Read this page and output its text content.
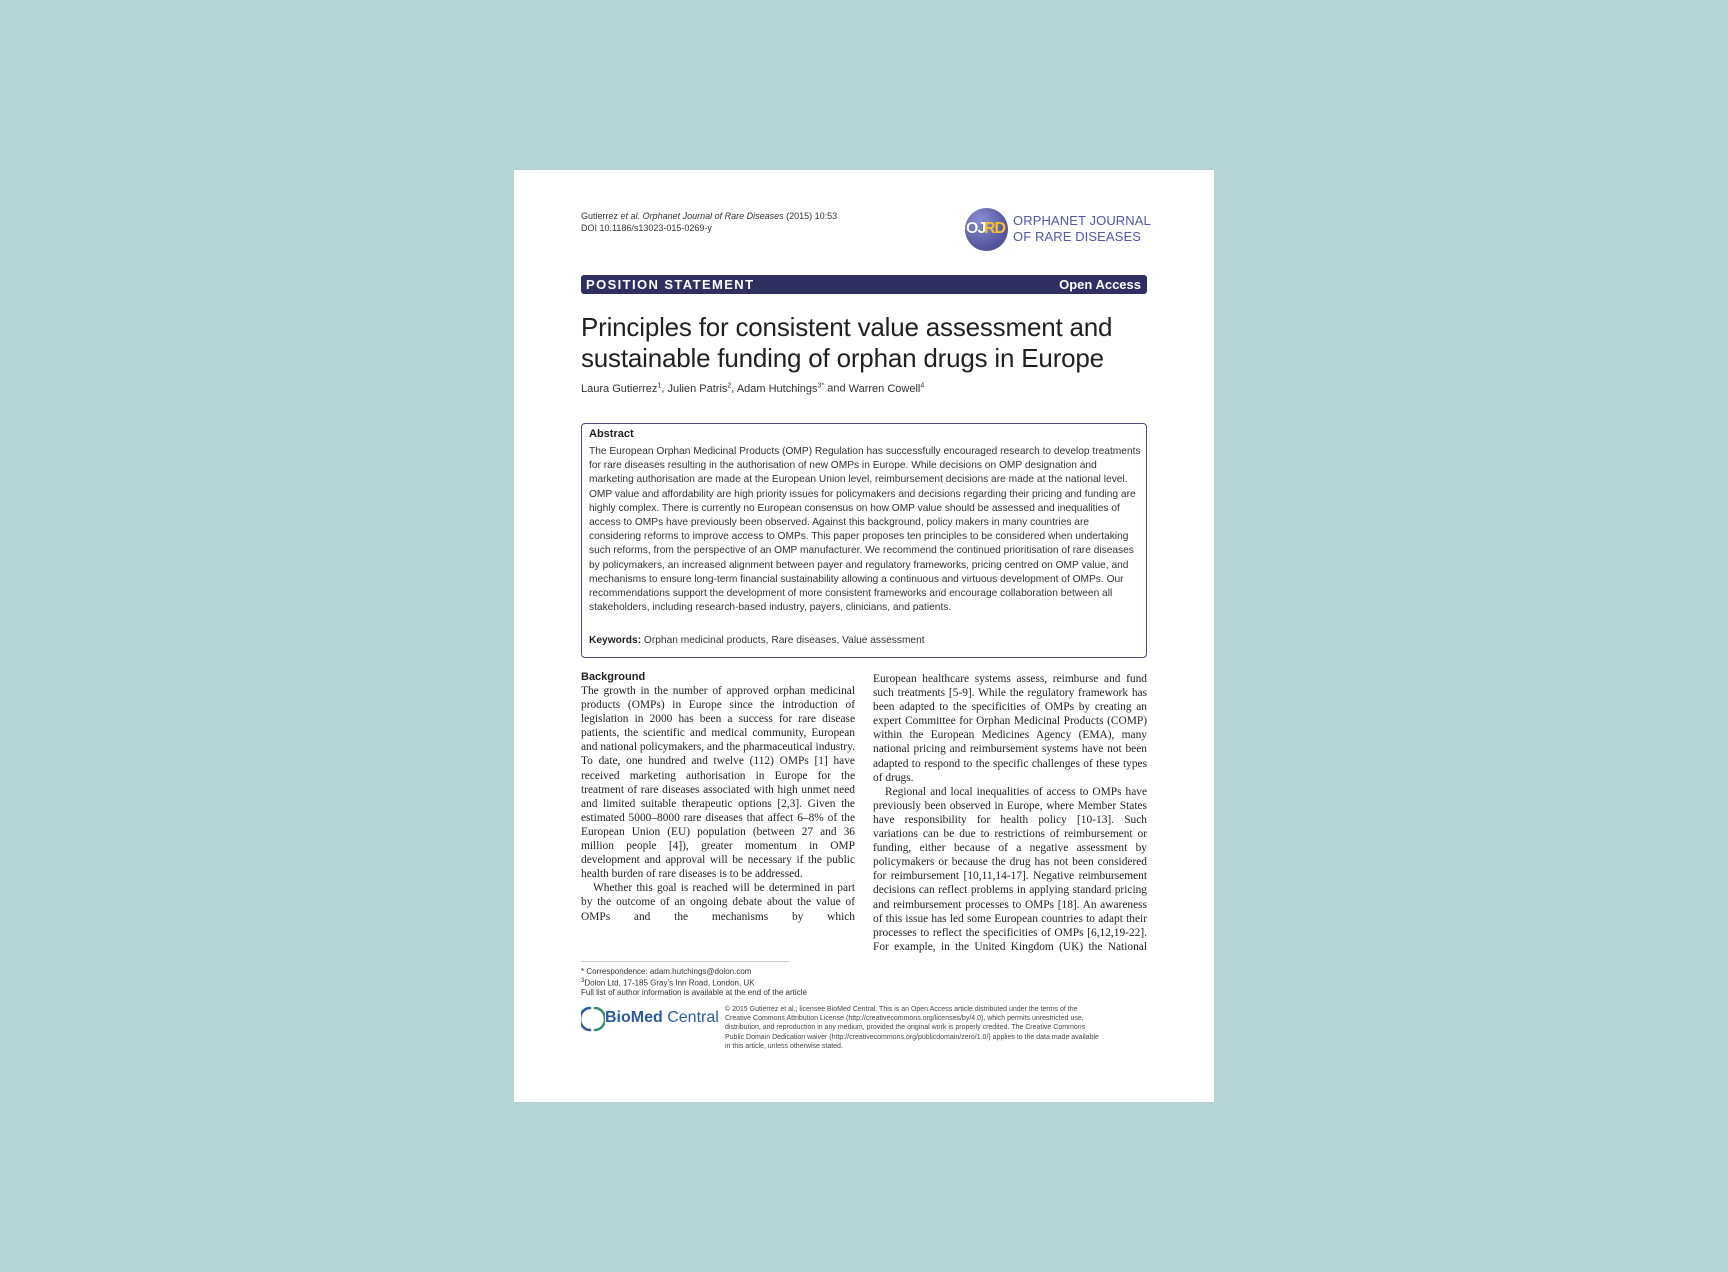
Gutierrez et al. Orphanet Journal of Rare Diseases (2015) 10:53
DOI 10.1186/s13023-015-0269-y	OJ
RD ORPHANET JOURNAL
OF RARE DISEASES
POSITION STATEMENT	Open Access
Principles for consistent value assessment and
sustainable funding of orphan drugs in Europe
Laura Gutierrez$^1$, Julien Patris$^2$, Adam Hutchings$^{3*}$ and Warren Cowell$^4$
Abstract
The European Orphan Medicinal Products (OMP) Regulation has successfully encouraged research to develop treatments for rare diseases resulting in the authorisation of new OMPs in Europe. While decisions on OMP designation and marketing authorisation are made at the European Union level, reimbursement decisions are made at the national level. OMP value and affordability are high priority issues for policymakers and decisions regarding their pricing and funding are highly complex. There is currently no European consensus on how OMP value should be assessed and inequalities of access to OMPs have previously been observed. Against this background, policy makers in many countries are considering reforms to improve access to OMPs. This paper proposes ten principles to be considered when undertaking such reforms, from the perspective of an OMP manufacturer. We recommend the continued prioritisation of rare diseases by policymakers, an increased alignment between payer and regulatory frameworks, pricing centred on OMP value, and mechanisms to ensure long-term financial sustainability allowing a continuous and virtuous development of OMPs. Our recommendations support the development of more consistent frameworks and encourage collaboration between all stakeholders, including research-based industry, payers, clinicians, and patients.
Keywords: Orphan medicinal products, Rare diseases, Value assessment
Background

The growth in the number of approved orphan medicinal products (OMPs) in Europe since the introduction of legislation in 2000 has been a success for rare disease patients, the scientific and medical community, European and national policymakers, and the pharmaceutical industry. To date, one hundred and twelve (112) OMPs [1] have received marketing authorisation in Europe for the treatment of rare diseases associated with high unmet need and limited suitable therapeutic options [2,3]. Given the estimated 5000–8000 rare diseases that affect 6–8% of the European Union (EU) population (between 27 and 36 million people [4]), greater momentum in OMP development and approval will be necessary if the public health burden of rare diseases is to be addressed.

Whether this goal is reached will be determined in part by the outcome of an ongoing debate about the value of OMPs and the mechanisms by which

European healthcare systems assess, reimburse and fund such treatments [5-9]. While the regulatory framework has been adapted to the specificities of OMPs by creating an expert Committee for Orphan Medicinal Products (COMP) within the European Medicines Agency (EMA), many national pricing and reimbursement systems have not been adapted to respond to the specific challenges of these types of drugs.

Regional and local inequalities of access to OMPs have previously been observed in Europe, where Member States have responsibility for health policy [10-13]. Such variations can be due to restrictions of reimbursement or funding, either because of a negative assessment by policymakers or because the drug has not been considered for reimbursement [10,11,14-17]. Negative reimbursement decisions can reflect problems in applying standard pricing and reimbursement processes to OMPs [18]. An awareness of this issue has led some European countries to adapt their processes to reflect the specificities of OMPs [6,12,19-22]. For example, in the United Kingdom (UK) the National

* Correspondence: adam.hutchings@dolon.com
$^3$Dolon Ltd, 17-185 Gray’s Inn Road, London, UK
Full list of author information is available at the end of the article
BioMed Central © 2015 Gutierrez et al.; licensee BioMed Central. This is an Open Access article distributed under the terms of the Creative Commons Attribution License (http://creativecommons.org/licenses/by/4.0), which permits unrestricted use, distribution, and reproduction in any medium, provided the original work is properly credited. The Creative Commons Public Domain Dedication waiver (http://creativecommons.org/publicdomain/zero/1.0/) applies to the data made available in this article, unless otherwise stated.
